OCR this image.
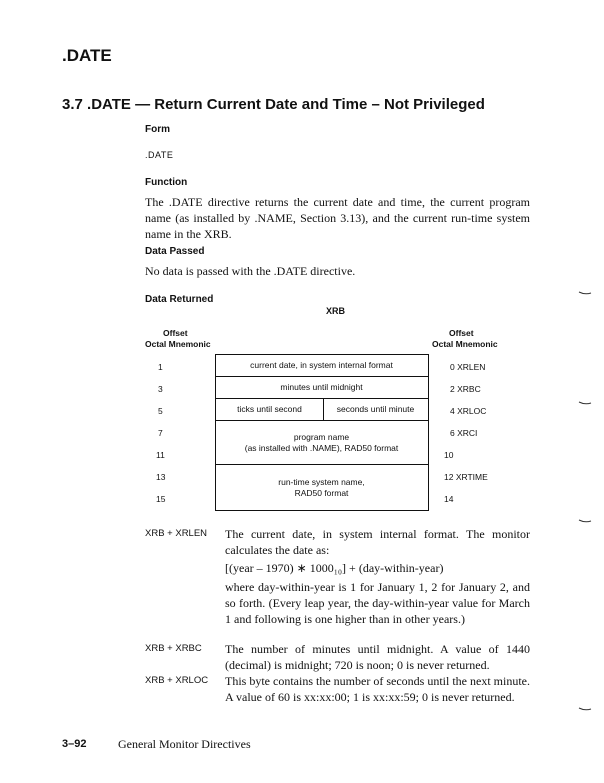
.DATE
3.7 .DATE — Return Current Date and Time – Not Privileged
Form
.DATE
Function
The .DATE directive returns the current date and time, the current program name (as installed by .NAME, Section 3.13), and the current run-time system name in the XRB.
Data Passed
No data is passed with the .DATE directive.
Data Returned
XRB
Offset
Octal Mnemonic
Offset
Octal Mnemonic
1
3
5
7
11
13
15
0 XRLEN
2 XRBC
4 XRLOC
6 XRCI
10
12 XRTIME
14
current date, in system internal format
minutes until midnight
ticks until second	seconds until minute
program name
(as installed with .NAME), RAD50 format
run-time system name,
RAD50 format
XRB + XRLEN The current date, in system internal format. The monitor calculates the date as:
[(year – 1970) ∗ 1000₁₀] + (day-within-year)
where day-within-year is 1 for January 1, 2 for January 2, and so forth. (Every leap year, the day-within-year value for March 1 and following is one higher than in other years.)
XRB + XRBC The number of minutes until midnight. A value of 1440 (decimal) is midnight; 720 is noon; 0 is never returned.
XRB + XRLOC This byte contains the number of seconds until the next minute. A value of 60 is xx:xx:00; 1 is xx:xx:59; 0 is never returned.
3–92	General Monitor Directives
